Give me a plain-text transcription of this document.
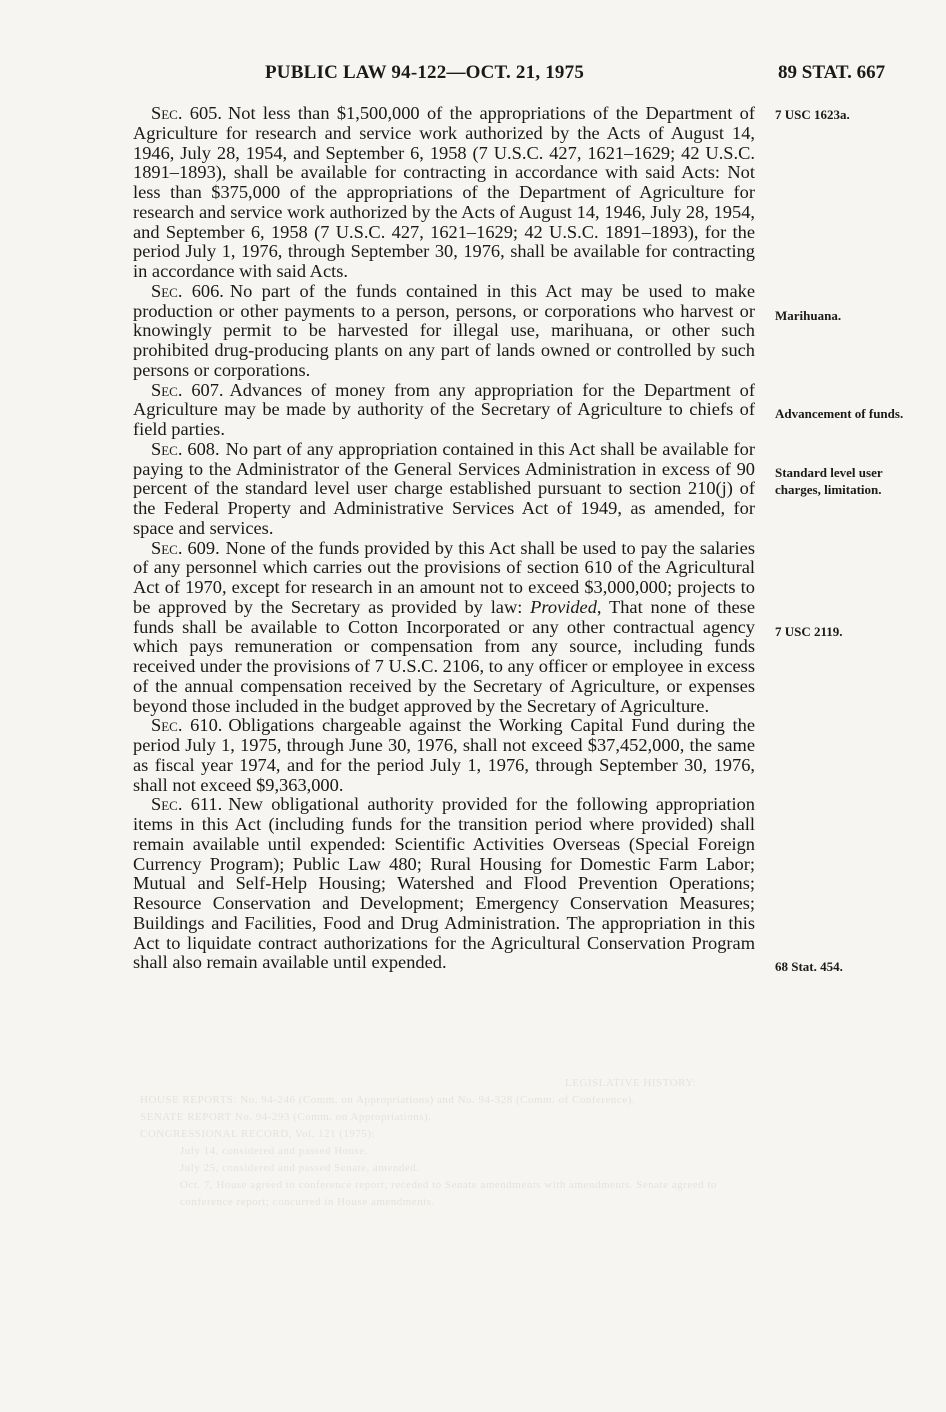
PUBLIC LAW 94-122—OCT. 21, 1975	89 STAT. 667

Sec. 605. Not less than $1,500,000 of the appropriations of the Department of Agriculture for research and service work authorized by the Acts of August 14, 1946, July 28, 1954, and September 6, 1958 (7 U.S.C. 427, 1621–1629; 42 U.S.C. 1891–1893), shall be available for contracting in accordance with said Acts: Not less than $375,000 of the appropriations of the Department of Agriculture for research and service work authorized by the Acts of August 14, 1946, July 28, 1954, and September 6, 1958 (7 U.S.C. 427, 1621–1629; 42 U.S.C. 1891–1893), for the period July 1, 1976, through September 30, 1976, shall be available for contracting in accordance with said Acts.

Sec. 606. No part of the funds contained in this Act may be used to make production or other payments to a person, persons, or corporations who harvest or knowingly permit to be harvested for illegal use, marihuana, or other such prohibited drug-producing plants on any part of lands owned or controlled by such persons or corporations.

Sec. 607. Advances of money from any appropriation for the Department of Agriculture may be made by authority of the Secretary of Agriculture to chiefs of field parties.

Sec. 608. No part of any appropriation contained in this Act shall be available for paying to the Administrator of the General Services Administration in excess of 90 percent of the standard level user charge established pursuant to section 210(j) of the Federal Property and Administrative Services Act of 1949, as amended, for space and services.

Sec. 609. None of the funds provided by this Act shall be used to pay the salaries of any personnel which carries out the provisions of section 610 of the Agricultural Act of 1970, except for research in an amount not to exceed $3,000,000; projects to be approved by the Secretary as provided by law: Provided, That none of these funds shall be available to Cotton Incorporated or any other contractual agency which pays remuneration or compensation from any source, including funds received under the provisions of 7 U.S.C. 2106, to any officer or employee in excess of the annual compensation received by the Secretary of Agriculture, or expenses beyond those included in the budget approved by the Secretary of Agriculture.

Sec. 610. Obligations chargeable against the Working Capital Fund during the period July 1, 1975, through June 30, 1976, shall not exceed $37,452,000, the same as fiscal year 1974, and for the period July 1, 1976, through September 30, 1976, shall not exceed $9,363,000.

Sec. 611. New obligational authority provided for the following appropriation items in this Act (including funds for the transition period where provided) shall remain available until expended: Scientific Activities Overseas (Special Foreign Currency Program); Public Law 480; Rural Housing for Domestic Farm Labor; Mutual and Self-Help Housing; Watershed and Flood Prevention Operations; Resource Conservation and Development; Emergency Conservation Measures; Buildings and Facilities, Food and Drug Administration. The appropriation in this Act to liquidate contract authorizations for the Agricultural Conservation Program shall also remain available until expended.

7 USC 1623a.
Marihuana.
Advancement of funds.
Standard level user charges, limitation.
7 USC 2119.
68 Stat. 454.
LEGISLATIVE HISTORY:
HOUSE REPORTS: No. 94-246 (Comm. on Appropriations) and No. 94-328 (Comm. of Conference).
SENATE REPORT No. 94-293 (Comm. on Appropriations).
CONGRESSIONAL RECORD, Vol. 121 (1975):
July 14, considered and passed House.
July 25, considered and passed Senate, amended.
Oct. 7, House agreed to conference report; receded to Senate amendments with amendments. Senate agreed to conference report; concurred in House amendments.
